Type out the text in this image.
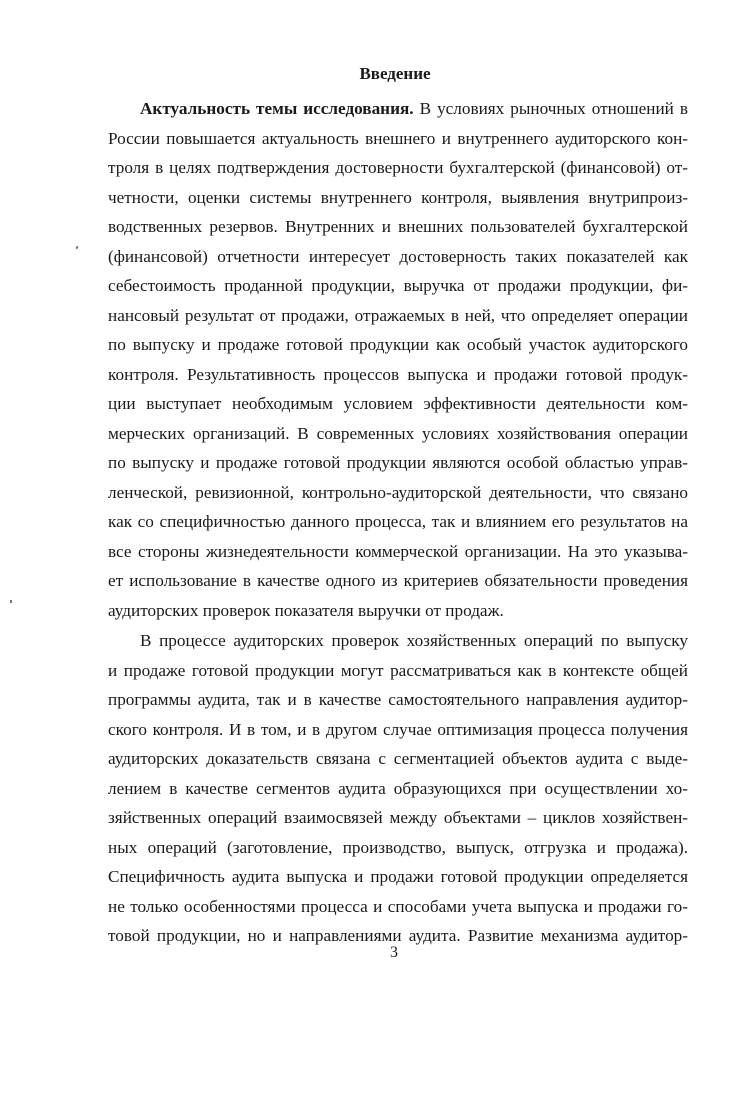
Введение
Актуальность темы исследования. В условиях рыночных отношений в
России повышается актуальность внешнего и внутреннего аудиторского кон-
троля в целях подтверждения достоверности бухгалтерской (финансовой) от-
четности, оценки системы внутреннего контроля, выявления внутрипроиз-
водственных резервов. Внутренних и внешних пользователей бухгалтерской
(финансовой) отчетности интересует достоверность таких показателей как
себестоимость проданной продукции, выручка от продажи продукции, фи-
нансовый результат от продажи, отражаемых в ней, что определяет операции
по выпуску и продаже готовой продукции как особый участок аудиторского
контроля. Результативность процессов выпуска и продажи готовой продук-
ции выступает необходимым условием эффективности деятельности ком-
мерческих организаций. В современных условиях хозяйствования операции
по выпуску и продаже готовой продукции являются особой областью управ-
ленческой, ревизионной, контрольно-аудиторской деятельности, что связано
как со специфичностью данного процесса, так и влиянием его результатов на
все стороны жизнедеятельности коммерческой организации. На это указыва-
ет использование в качестве одного из критериев обязательности проведения
аудиторских проверок показателя выручки от продаж.
В процессе аудиторских проверок хозяйственных операций по выпуску
и продаже готовой продукции могут рассматриваться как в контексте общей
программы аудита, так и в качестве самостоятельного направления аудитор-
ского контроля. И в том, и в другом случае оптимизация процесса получения
аудиторских доказательств связана с сегментацией объектов аудита с выде-
лением в качестве сегментов аудита образующихся при осуществлении хо-
зяйственных операций взаимосвязей между объектами – циклов хозяйствен-
ных операций (заготовление, производство, выпуск, отгрузка и продажа).
Специфичность аудита выпуска и продажи готовой продукции определяется
не только особенностями процесса и способами учета выпуска и продажи го-
товой продукции, но и направлениями аудита. Развитие механизма аудитор-
3
